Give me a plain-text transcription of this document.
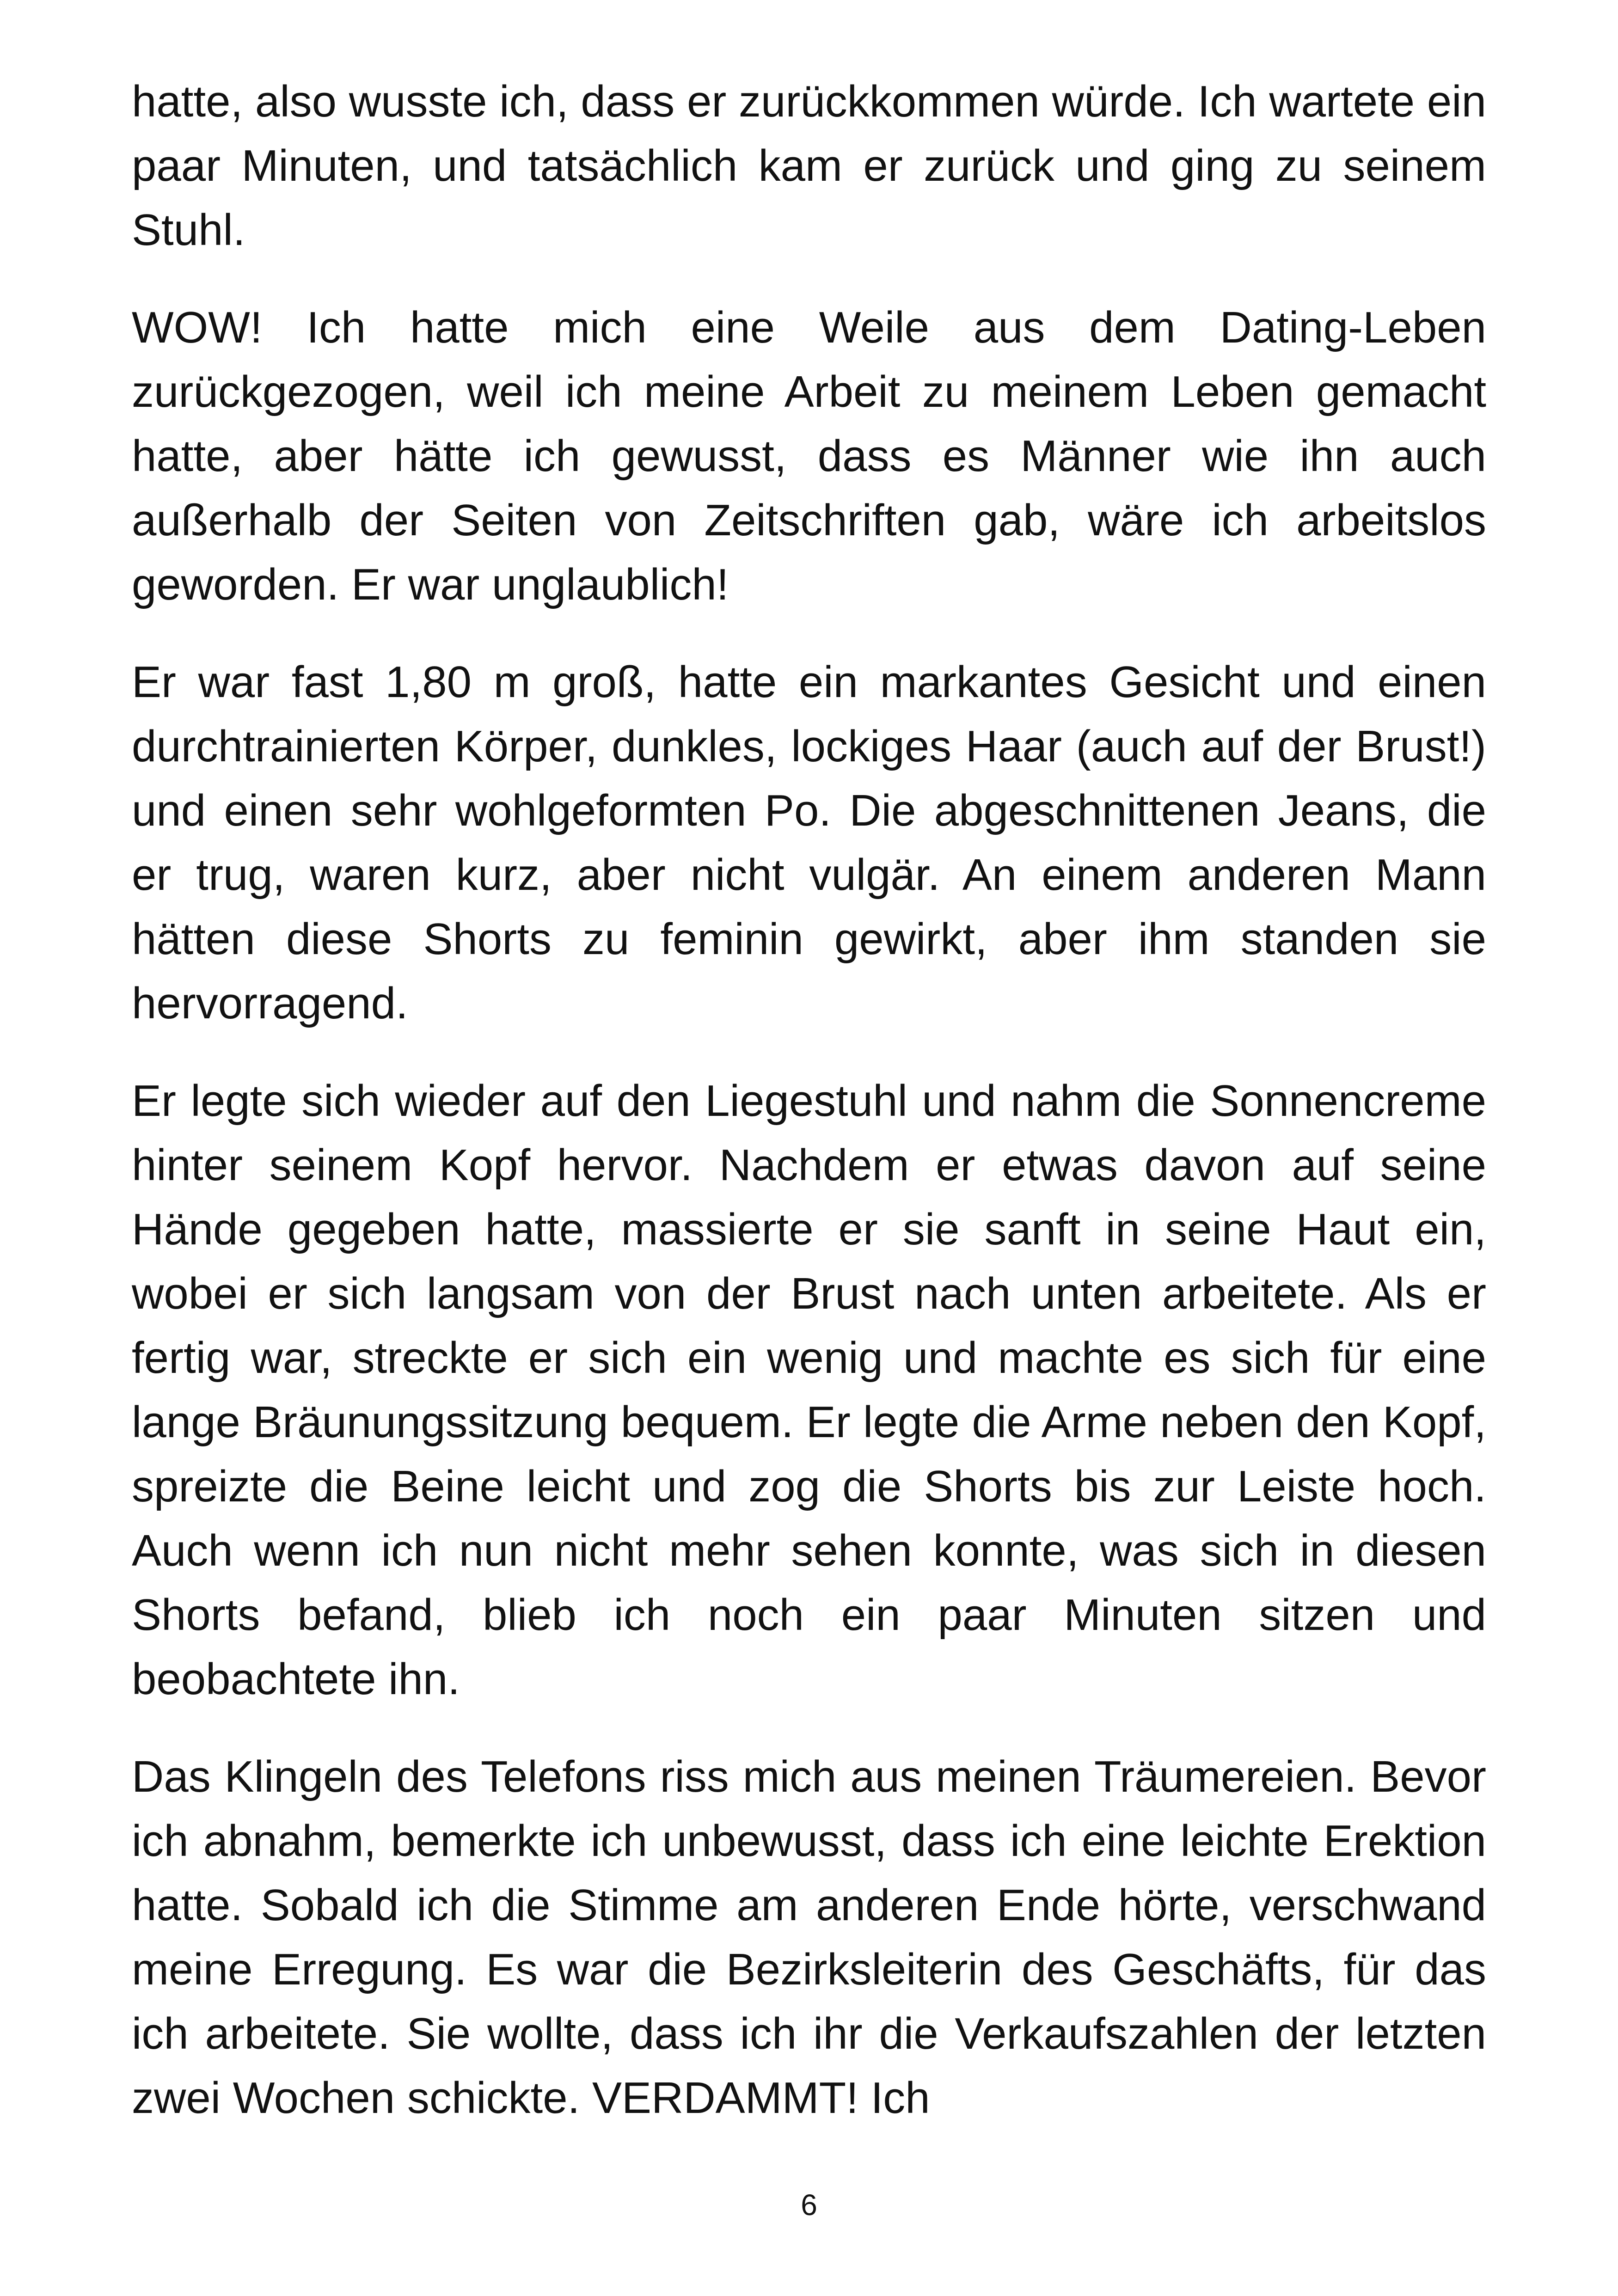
hatte, also wusste ich, dass er zurückkommen würde. Ich wartete ein paar Minuten, und tatsächlich kam er zurück und ging zu seinem Stuhl.

WOW! Ich hatte mich eine Weile aus dem Dating-Leben zurückgezogen, weil ich meine Arbeit zu meinem Leben gemacht hatte, aber hätte ich gewusst, dass es Männer wie ihn auch außerhalb der Seiten von Zeitschriften gab, wäre ich arbeitslos geworden. Er war unglaublich!

Er war fast 1,80 m groß, hatte ein markantes Gesicht und einen durchtrainierten Körper, dunkles, lockiges Haar (auch auf der Brust!) und einen sehr wohlgeformten Po. Die abgeschnittenen Jeans, die er trug, waren kurz, aber nicht vulgär. An einem anderen Mann hätten diese Shorts zu feminin gewirkt, aber ihm standen sie hervorragend.

Er legte sich wieder auf den Liegestuhl und nahm die Sonnencreme hinter seinem Kopf hervor. Nachdem er etwas davon auf seine Hände gegeben hatte, massierte er sie sanft in seine Haut ein, wobei er sich langsam von der Brust nach unten arbeitete. Als er fertig war, streckte er sich ein wenig und machte es sich für eine lange Bräunungssitzung bequem. Er legte die Arme neben den Kopf, spreizte die Beine leicht und zog die Shorts bis zur Leiste hoch. Auch wenn ich nun nicht mehr sehen konnte, was sich in diesen Shorts befand, blieb ich noch ein paar Minuten sitzen und beobachtete ihn.

Das Klingeln des Telefons riss mich aus meinen Träumereien. Bevor ich abnahm, bemerkte ich unbewusst, dass ich eine leichte Erektion hatte. Sobald ich die Stimme am anderen Ende hörte, verschwand meine Erregung. Es war die Bezirksleiterin des Geschäfts, für das ich arbeitete. Sie wollte, dass ich ihr die Verkaufszahlen der letzten zwei Wochen schickte. VERDAMMT! Ich

6
